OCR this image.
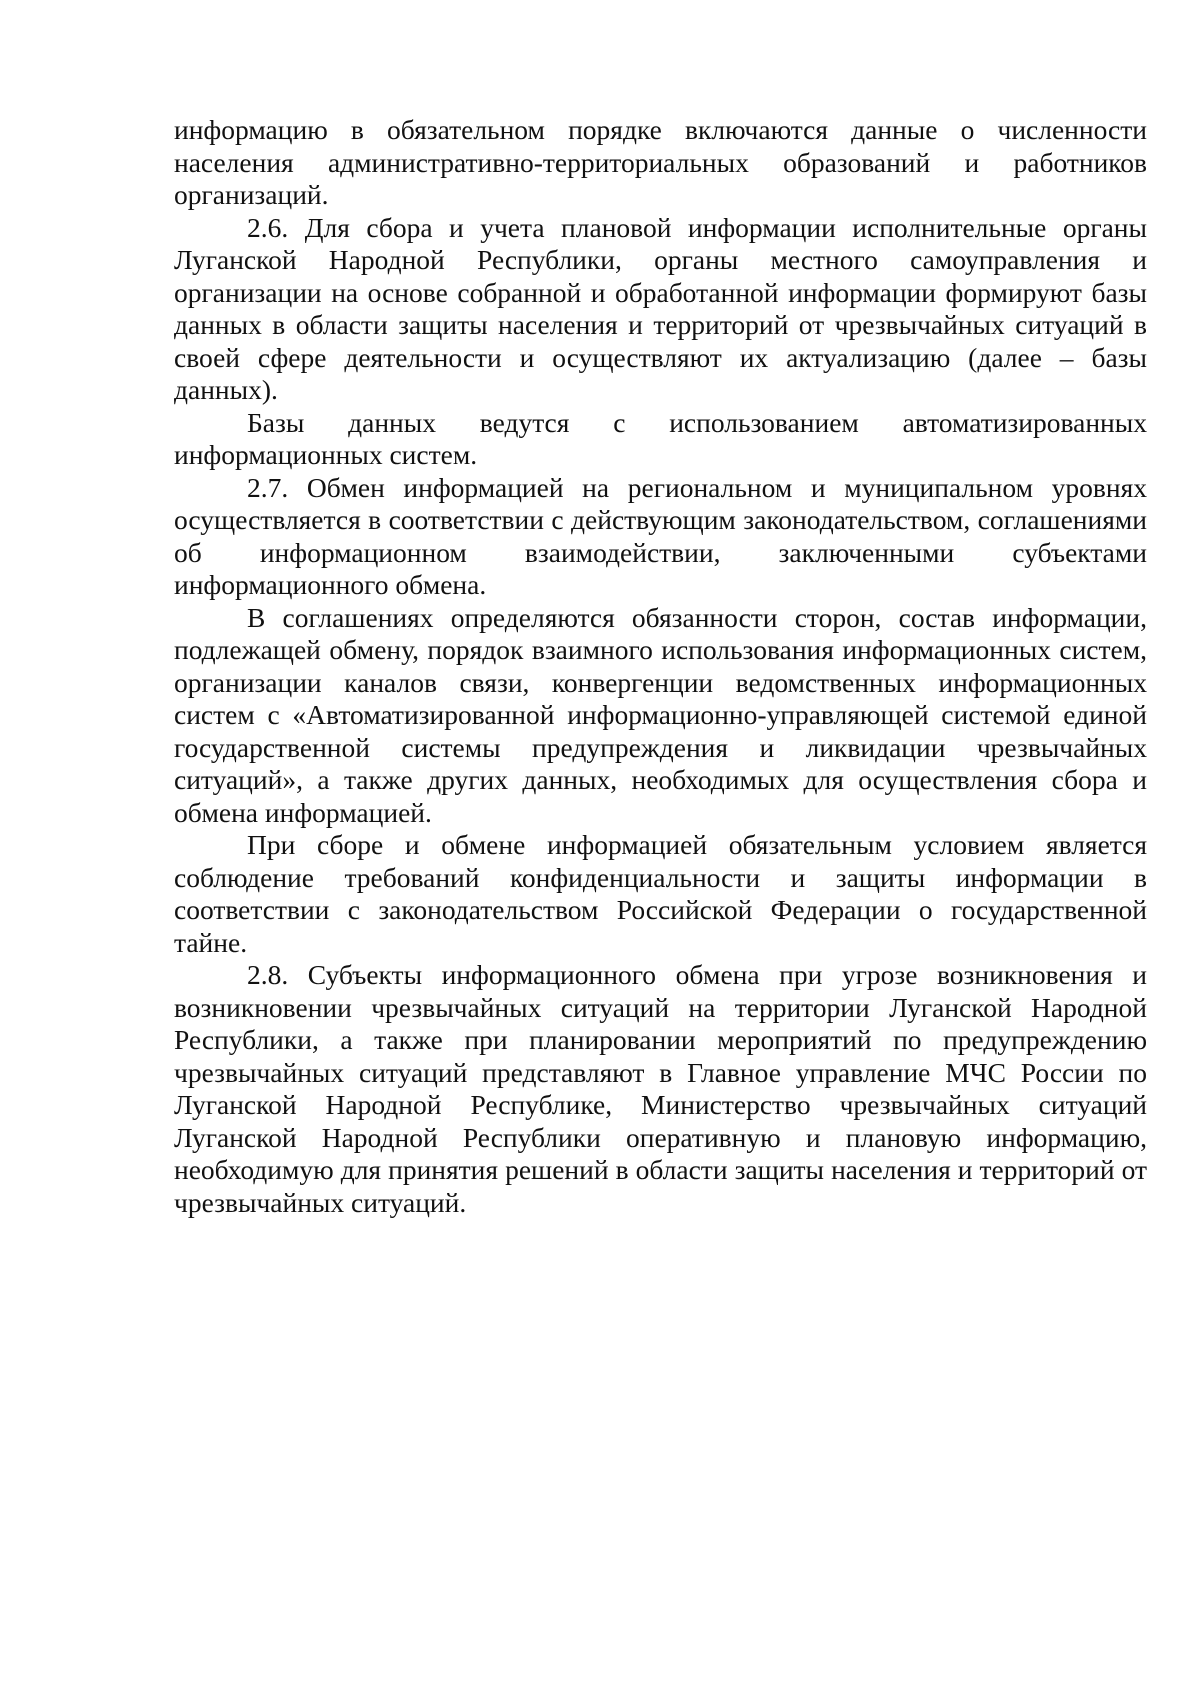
информацию в обязательном порядке включаются данные о численности населения административно-территориальных образований и работников организаций.

2.6. Для сбора и учета плановой информации исполнительные органы Луганской Народной Республики, органы местного самоуправления и организации на основе собранной и обработанной информации формируют базы данных в области защиты населения и территорий от чрезвычайных ситуаций в своей сфере деятельности и осуществляют их актуализацию (далее – базы данных).

Базы данных ведутся с использованием автоматизированных информационных систем.

2.7. Обмен информацией на региональном и муниципальном уровнях осуществляется в соответствии с действующим законодательством, соглашениями об информационном взаимодействии, заключенными субъектами информационного обмена.

В соглашениях определяются обязанности сторон, состав информации, подлежащей обмену, порядок взаимного использования информационных систем, организации каналов связи, конвергенции ведомственных информационных систем с «Автоматизированной информационно-управляющей системой единой государственной системы предупреждения и ликвидации чрезвычайных ситуаций», а также других данных, необходимых для осуществления сбора и обмена информацией.

При сборе и обмене информацией обязательным условием является соблюдение требований конфиденциальности и защиты информации в соответствии с законодательством Российской Федерации о государственной тайне.

2.8. Субъекты информационного обмена при угрозе возникновения и возникновении чрезвычайных ситуаций на территории Луганской Народной Республики, а также при планировании мероприятий по предупреждению чрезвычайных ситуаций представляют в Главное управление МЧС России по Луганской Народной Республике, Министерство чрезвычайных ситуаций Луганской Народной Республики оперативную и плановую информацию, необходимую для принятия решений в области защиты населения и территорий от чрезвычайных ситуаций.
